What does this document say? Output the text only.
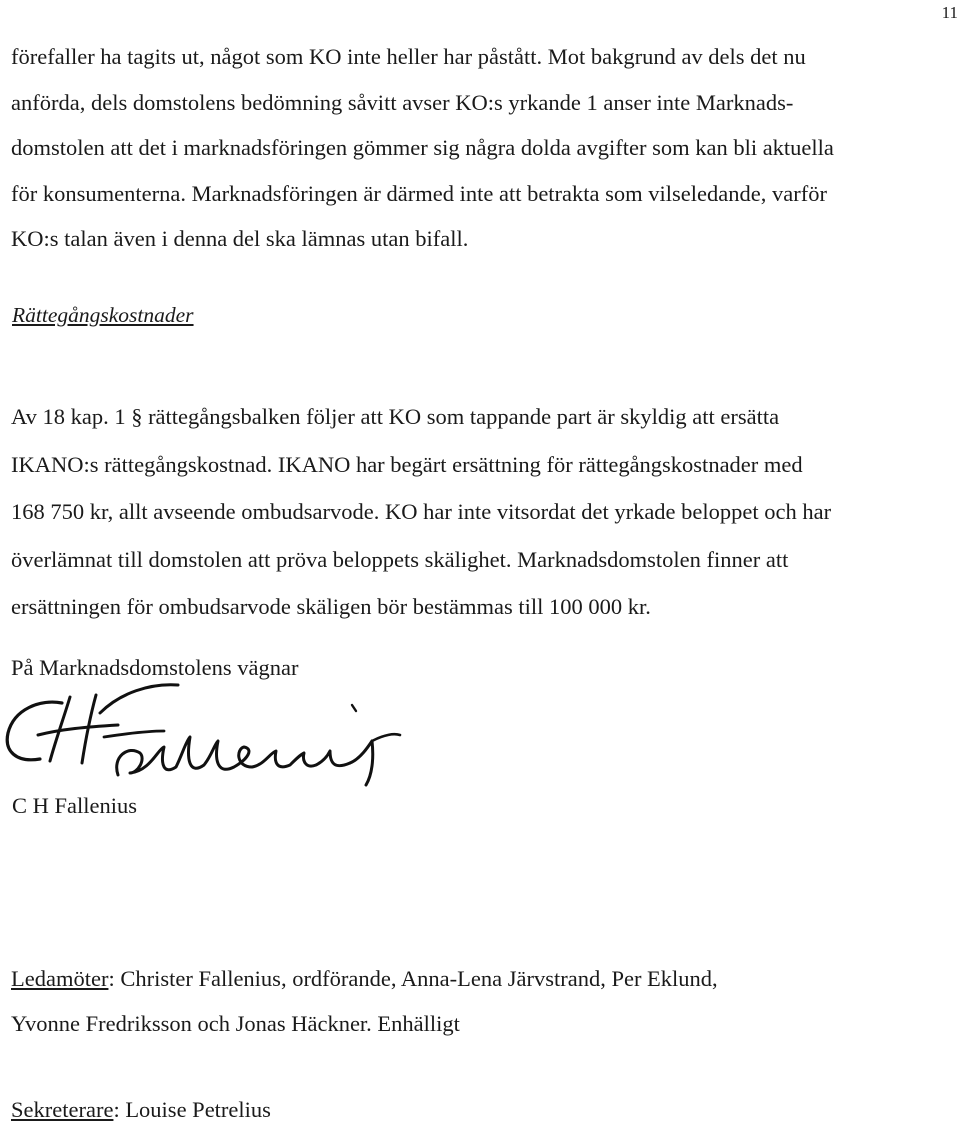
11

förefaller ha tagits ut, något som KO inte heller har påstått. Mot bakgrund av dels det nu
anförda, dels domstolens bedömning såvitt avser KO:s yrkande 1 anser inte Marknads-
domstolen att det i marknadsföringen gömmer sig några dolda avgifter som kan bli aktuella
för konsumenterna. Marknadsföringen är därmed inte att betrakta som vilseledande, varför
KO:s talan även i denna del ska lämnas utan bifall.

Rättegångskostnader

Av 18 kap. 1 § rättegångsbalken följer att KO som tappande part är skyldig att ersätta
IKANO:s rättegångskostnad. IKANO har begärt ersättning för rättegångskostnader med
168 750 kr, allt avseende ombudsarvode. KO har inte vitsordat det yrkade beloppet och har
överlämnat till domstolen att pröva beloppets skälighet. Marknadsdomstolen finner att
ersättningen för ombudsarvode skäligen bör bestämmas till 100 000 kr.

På Marknadsdomstolens vägnar
C H Fallenius
Ledamöter: Christer Fallenius, ordförande, Anna-Lena Järvstrand, Per Eklund,
Yvonne Fredriksson och Jonas Häckner. Enhälligt
Sekreterare: Louise Petrelius
